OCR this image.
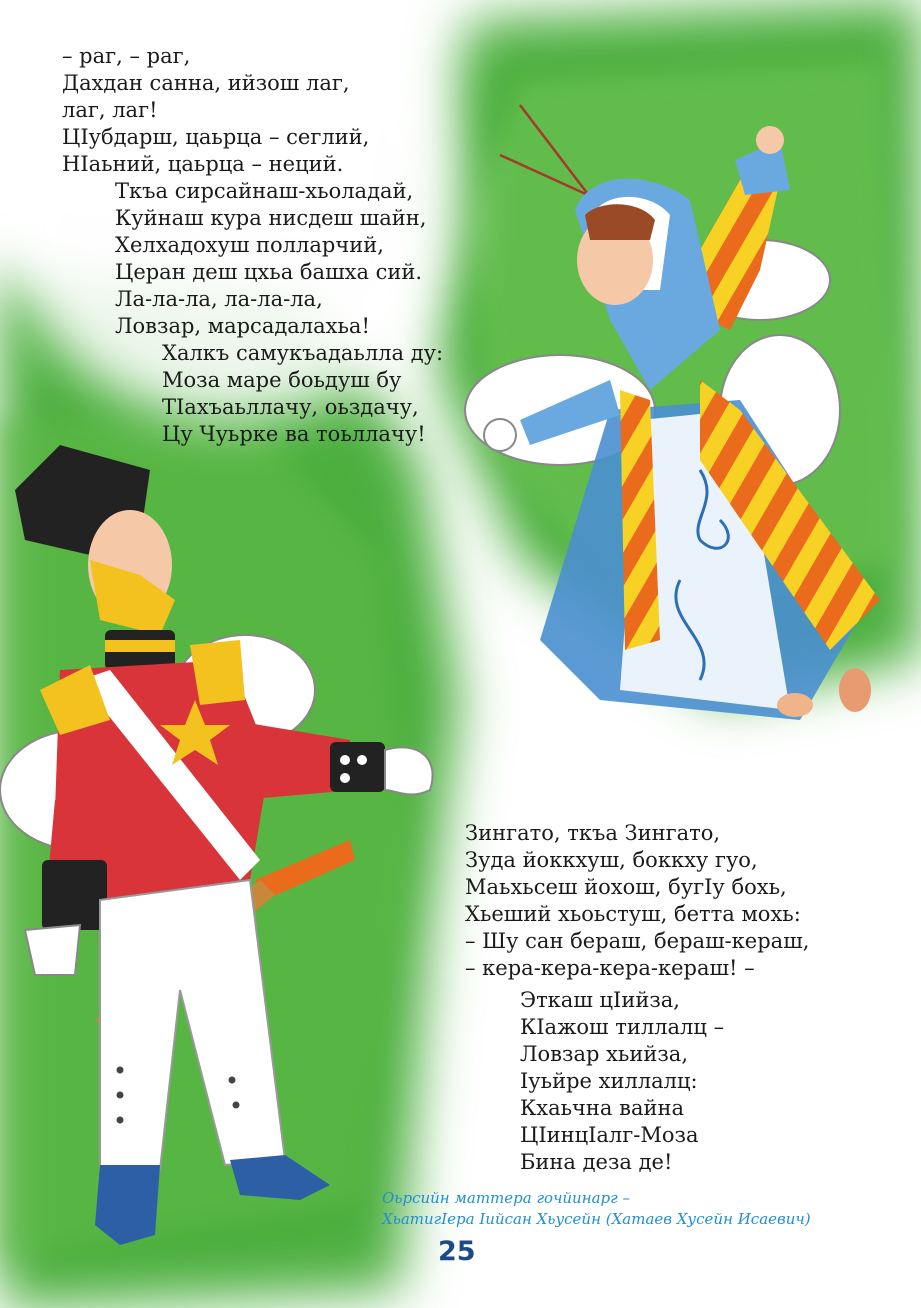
– раг, – раг,
Дахдан санна, ийзош лаг,
лаг, лаг!
ЦIубдарш, цаьрца – сеглий,
НIаьний, цаьрца – неций.
Ткъа сирсайнаш-хьоладай,
Куйнаш кура нисдеш шайн,
Хелхадохуш полларчий,
Церан деш цхьа башха сий.
Ла-ла-ла, ла-ла-ла,
Ловзар, марсадалахьа!
Халкъ самукъадаьлла ду:
Моза маре боьдуш бу
ТIахъаьллачу, оьздачу,
Цу Чуьрке ва тоьллачу!
Зингато, ткъа Зингато,
Зуда йоккхуш, боккху гуо,
Маьхьсеш йохош, бугIу бохь,
Хьеший хьоьстуш, бетта мохь:
– Шу сан бераш, бераш-кераш,
– кера-кера-кера-кераш! –
Эткаш цIийза,
КIажош тиллалц –
Ловзар хьийза,
Iуьйре хиллалц:
Кхаьчна вайна
ЦIинцIалг-Моза
Бина деза де!
Оьрсийн маттера гочйинарг –
ХьатигIера Iийсан Хьусейн (Хатаев Хусейн Исаевич)
25
